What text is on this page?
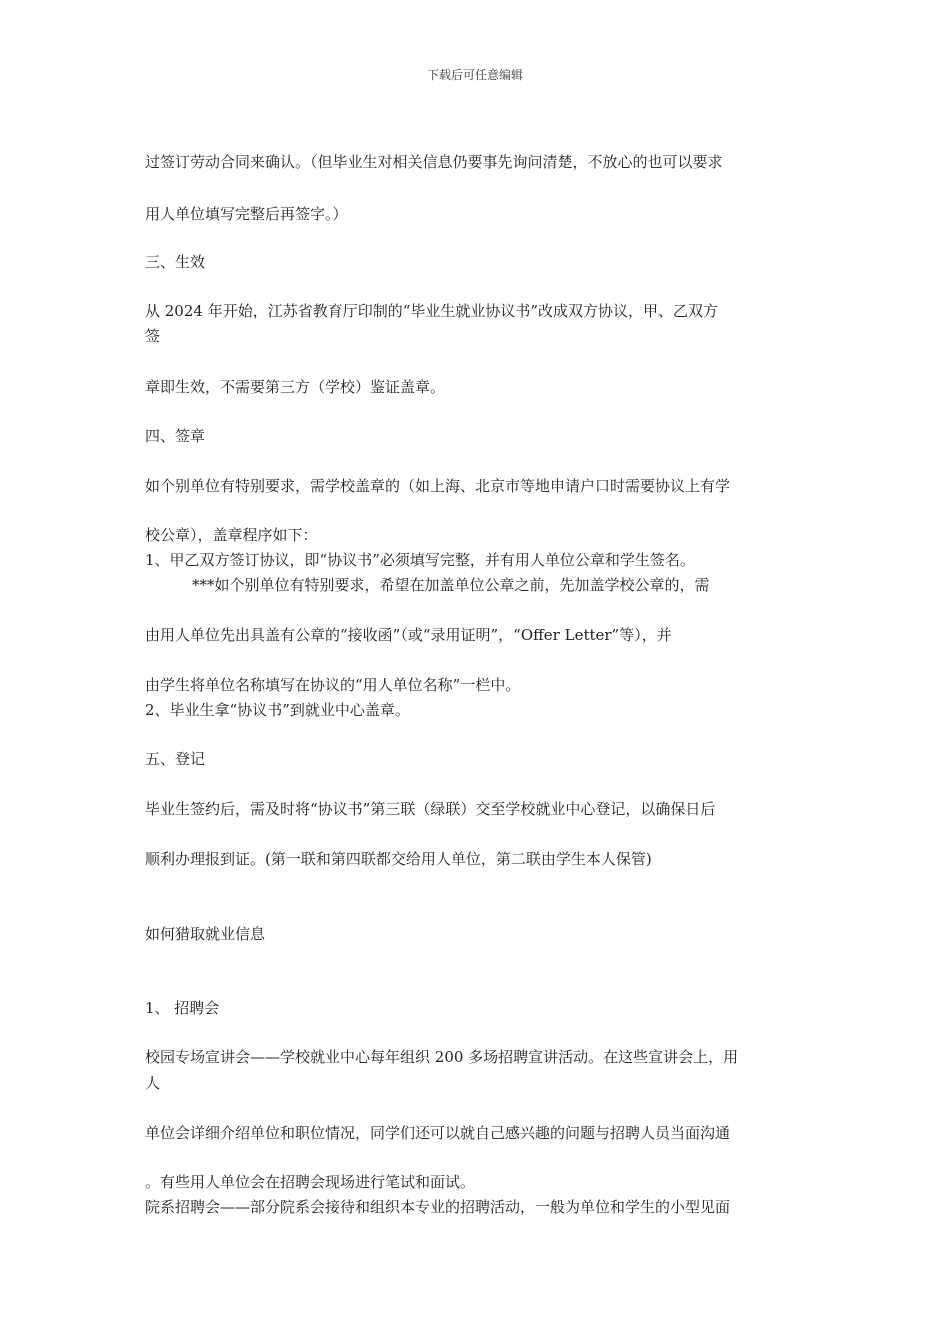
下载后可任意编辑
过签订劳动合同来确认。（但毕业生对相关信息仍要事先询问清楚，不放心的也可以要求
用人单位填写完整后再签字。）
三、生效
从 2024 年开始，江苏省教育厅印制的“毕业生就业协议书”改成双方协议，甲、乙双方
签
章即生效，不需要第三方（学校）鉴证盖章。
四、签章
如个别单位有特别要求，需学校盖章的（如上海、北京市等地申请户口时需要协议上有学
校公章），盖章程序如下：
1、甲乙双方签订协议，即“协议书”必须填写完整，并有用人单位公章和学生签名。
***如个别单位有特别要求，希望在加盖单位公章之前，先加盖学校公章的，需
由用人单位先出具盖有公章的“接收函”（或“录用证明”，“Offer Letter”等），并
由学生将单位名称填写在协议的“用人单位名称”一栏中。
2、毕业生拿“协议书”到就业中心盖章。
五、登记
毕业生签约后，需及时将“协议书”第三联（绿联）交至学校就业中心登记，以确保日后
顺利办理报到证。(第一联和第四联都交给用人单位，第二联由学生本人保管)
如何猎取就业信息
1、 招聘会
校园专场宣讲会——学校就业中心每年组织 200 多场招聘宣讲活动。在这些宣讲会上，用
人
单位会详细介绍单位和职位情况，同学们还可以就自己感兴趣的问题与招聘人员当面沟通
。有些用人单位会在招聘会现场进行笔试和面试。
院系招聘会——部分院系会接待和组织本专业的招聘活动，一般为单位和学生的小型见面
